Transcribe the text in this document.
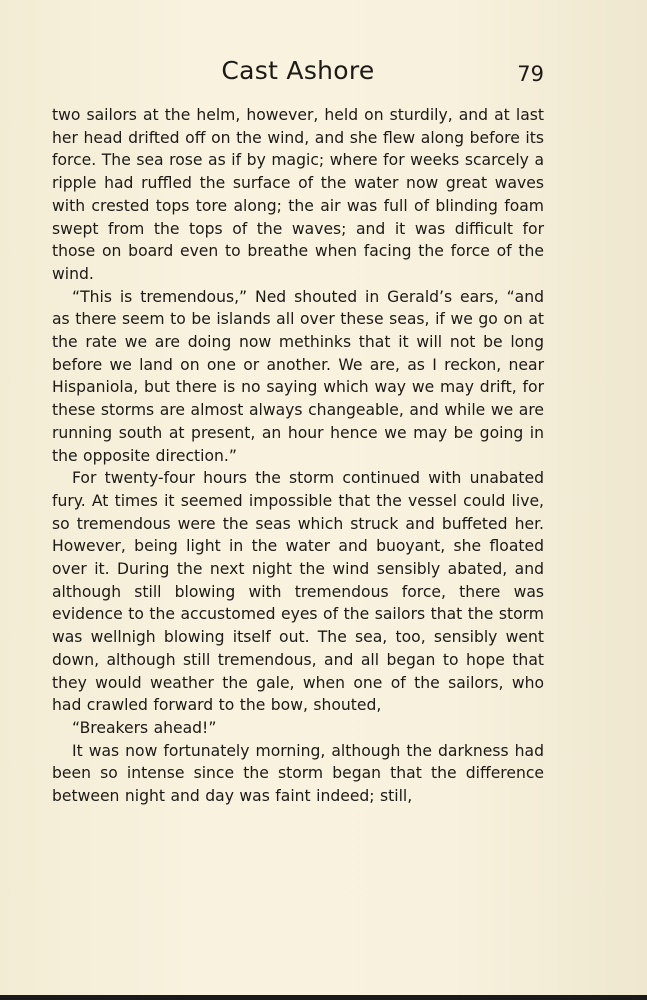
Cast Ashore	79

two sailors at the helm, however, held on sturdily, and at last her head drifted off on the wind, and she flew along before its force. The sea rose as if by magic; where for weeks scarcely a ripple had ruffled the surface of the water now great waves with crested tops tore along; the air was full of blinding foam swept from the tops of the waves; and it was difficult for those on board even to breathe when facing the force of the wind.

“This is tremendous,” Ned shouted in Gerald’s ears, “and as there seem to be islands all over these seas, if we go on at the rate we are doing now methinks that it will not be long before we land on one or another. We are, as I reckon, near Hispaniola, but there is no saying which way we may drift, for these storms are almost always changeable, and while we are running south at present, an hour hence we may be going in the opposite direction.”

For twenty-four hours the storm continued with unabated fury. At times it seemed impossible that the vessel could live, so tremendous were the seas which struck and buffeted her. However, being light in the water and buoyant, she floated over it. During the next night the wind sensibly abated, and although still blowing with tremendous force, there was evidence to the accustomed eyes of the sailors that the storm was wellnigh blowing itself out. The sea, too, sensibly went down, although still tremendous, and all began to hope that they would weather the gale, when one of the sailors, who had crawled forward to the bow, shouted,

“Breakers ahead!”

It was now fortunately morning, although the darkness had been so intense since the storm began that the difference between night and day was faint indeed; still,
